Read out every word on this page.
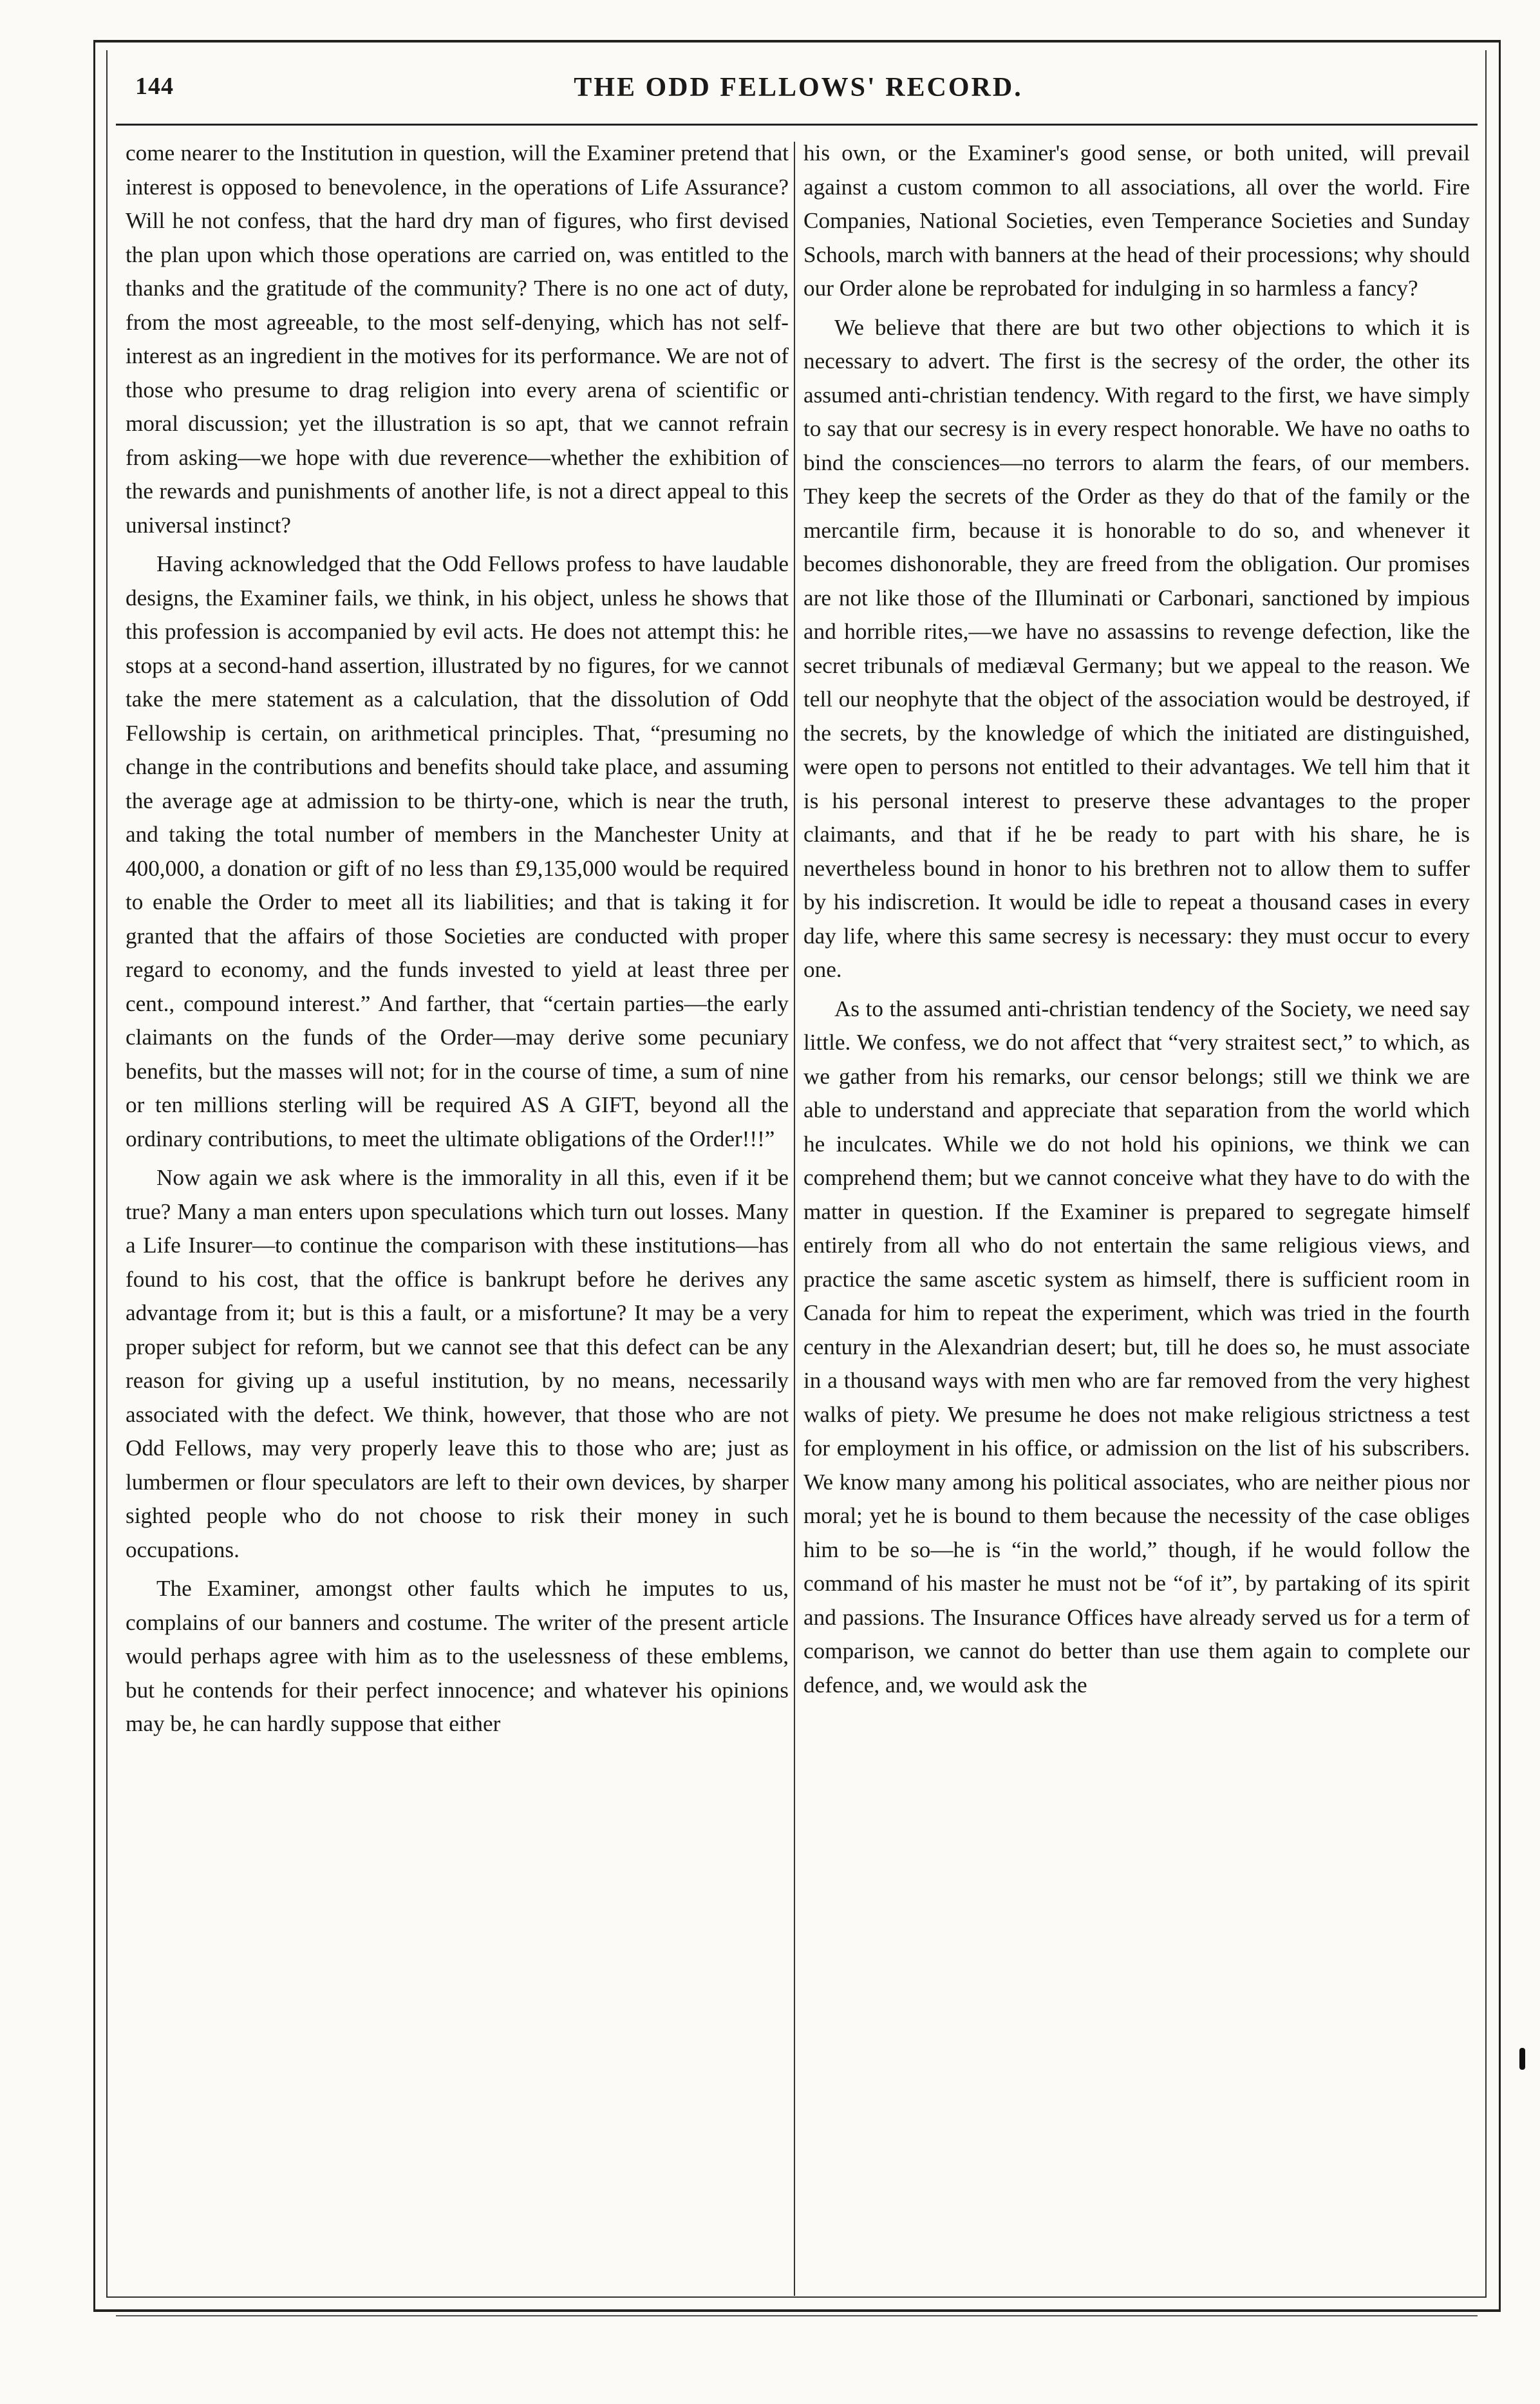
144	THE ODD FELLOWS' RECORD.

come nearer to the Institution in question, will the Examiner pretend that interest is opposed to benevolence, in the operations of Life Assurance? Will he not confess, that the hard dry man of figures, who first devised the plan upon which those operations are carried on, was entitled to the thanks and the gratitude of the community? There is no one act of duty, from the most agreeable, to the most self-denying, which has not self-interest as an ingredient in the motives for its performance. We are not of those who presume to drag religion into every arena of scientific or moral discussion; yet the illustration is so apt, that we cannot refrain from asking—we hope with due reverence—whether the exhibition of the rewards and punishments of another life, is not a direct appeal to this universal instinct?

Having acknowledged that the Odd Fellows profess to have laudable designs, the Examiner fails, we think, in his object, unless he shows that this profession is accompanied by evil acts. He does not attempt this: he stops at a second-hand assertion, illustrated by no figures, for we cannot take the mere statement as a calculation, that the dissolution of Odd Fellowship is certain, on arithmetical principles. That, “presuming no change in the contributions and benefits should take place, and assuming the average age at admission to be thirty-one, which is near the truth, and taking the total number of members in the Manchester Unity at 400,000, a donation or gift of no less than £9,135,000 would be required to enable the Order to meet all its liabilities; and that is taking it for granted that the affairs of those Societies are conducted with proper regard to economy, and the funds invested to yield at least three per cent., compound interest.” And farther, that “certain parties—the early claimants on the funds of the Order—may derive some pecuniary benefits, but the masses will not; for in the course of time, a sum of nine or ten millions sterling will be required AS A GIFT, beyond all the ordinary contributions, to meet the ultimate obligations of the Order!!!”

Now again we ask where is the immorality in all this, even if it be true? Many a man enters upon speculations which turn out losses. Many a Life Insurer—to continue the comparison with these institutions—has found to his cost, that the office is bankrupt before he derives any advantage from it; but is this a fault, or a misfortune? It may be a very proper subject for reform, but we cannot see that this defect can be any reason for giving up a useful institution, by no means, necessarily associated with the defect. We think, however, that those who are not Odd Fellows, may very properly leave this to those who are; just as lumbermen or flour speculators are left to their own devices, by sharper sighted people who do not choose to risk their money in such occupations.

The Examiner, amongst other faults which he imputes to us, complains of our banners and costume. The writer of the present article would perhaps agree with him as to the uselessness of these emblems, but he contends for their perfect innocence; and whatever his opinions may be, he can hardly suppose that either

his own, or the Examiner's good sense, or both united, will prevail against a custom common to all associations, all over the world. Fire Companies, National Societies, even Temperance Societies and Sunday Schools, march with banners at the head of their processions; why should our Order alone be reprobated for indulging in so harmless a fancy?

We believe that there are but two other objections to which it is necessary to advert. The first is the secresy of the order, the other its assumed anti-christian tendency. With regard to the first, we have simply to say that our secresy is in every respect honorable. We have no oaths to bind the consciences—no terrors to alarm the fears, of our members. They keep the secrets of the Order as they do that of the family or the mercantile firm, because it is honorable to do so, and whenever it becomes dishonorable, they are freed from the obligation. Our promises are not like those of the Illuminati or Carbonari, sanctioned by impious and horrible rites,—we have no assassins to revenge defection, like the secret tribunals of mediæval Germany; but we appeal to the reason. We tell our neophyte that the object of the association would be destroyed, if the secrets, by the knowledge of which the initiated are distinguished, were open to persons not entitled to their advantages. We tell him that it is his personal interest to preserve these advantages to the proper claimants, and that if he be ready to part with his share, he is nevertheless bound in honor to his brethren not to allow them to suffer by his indiscretion. It would be idle to repeat a thousand cases in every day life, where this same secresy is necessary: they must occur to every one.

As to the assumed anti-christian tendency of the Society, we need say little. We confess, we do not affect that “very straitest sect,” to which, as we gather from his remarks, our censor belongs; still we think we are able to understand and appreciate that separation from the world which he inculcates. While we do not hold his opinions, we think we can comprehend them; but we cannot conceive what they have to do with the matter in question. If the Examiner is prepared to segregate himself entirely from all who do not entertain the same religious views, and practice the same ascetic system as himself, there is sufficient room in Canada for him to repeat the experiment, which was tried in the fourth century in the Alexandrian desert; but, till he does so, he must associate in a thousand ways with men who are far removed from the very highest walks of piety. We presume he does not make religious strictness a test for employment in his office, or admission on the list of his subscribers. We know many among his political associates, who are neither pious nor moral; yet he is bound to them because the necessity of the case obliges him to be so—he is “in the world,” though, if he would follow the command of his master he must not be “of it”, by partaking of its spirit and passions. The Insurance Offices have already served us for a term of comparison, we cannot do better than use them again to complete our defence, and, we would ask the
